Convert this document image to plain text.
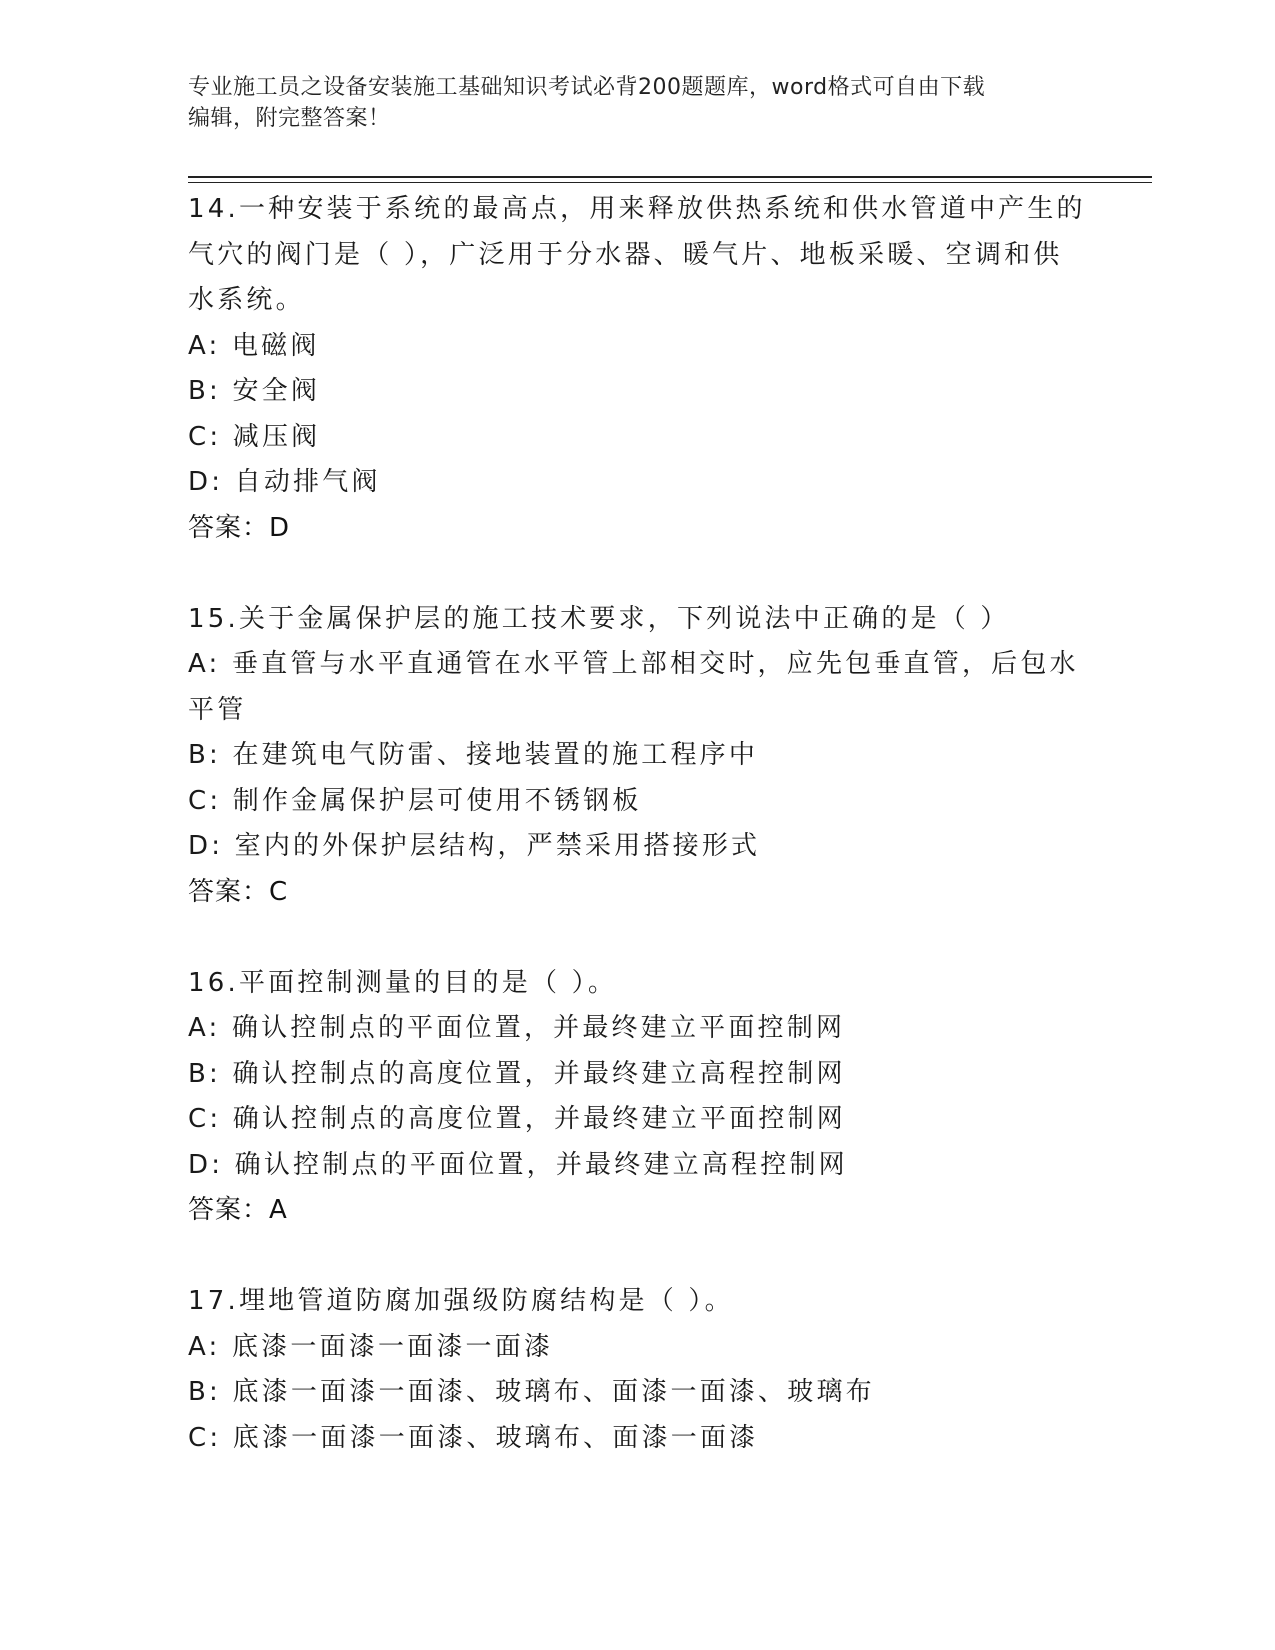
专业施工员之设备安装施工基础知识考试必背200题题库，word格式可自由下载
编辑，附完整答案！
14.一种安装于系统的最高点，用来释放供热系统和供水管道中产生的
气穴的阀门是（ ），广泛用于分水器、暖气片、地板采暖、空调和供
水系统。
A: 电磁阀
B: 安全阀
C: 减压阀
D: 自动排气阀
答案：D
15.关于金属保护层的施工技术要求，下列说法中正确的是（ ）
A: 垂直管与水平直通管在水平管上部相交时，应先包垂直管，后包水
平管
B: 在建筑电气防雷、接地装置的施工程序中
C: 制作金属保护层可使用不锈钢板
D: 室内的外保护层结构，严禁采用搭接形式
答案：C
16.平面控制测量的目的是（ ）。
A: 确认控制点的平面位置，并最终建立平面控制网
B: 确认控制点的高度位置，并最终建立高程控制网
C: 确认控制点的高度位置，并最终建立平面控制网
D: 确认控制点的平面位置，并最终建立高程控制网
答案：A
17.埋地管道防腐加强级防腐结构是（ ）。
A: 底漆一面漆一面漆一面漆
B: 底漆一面漆一面漆、玻璃布、面漆一面漆、玻璃布
C: 底漆一面漆一面漆、玻璃布、面漆一面漆
